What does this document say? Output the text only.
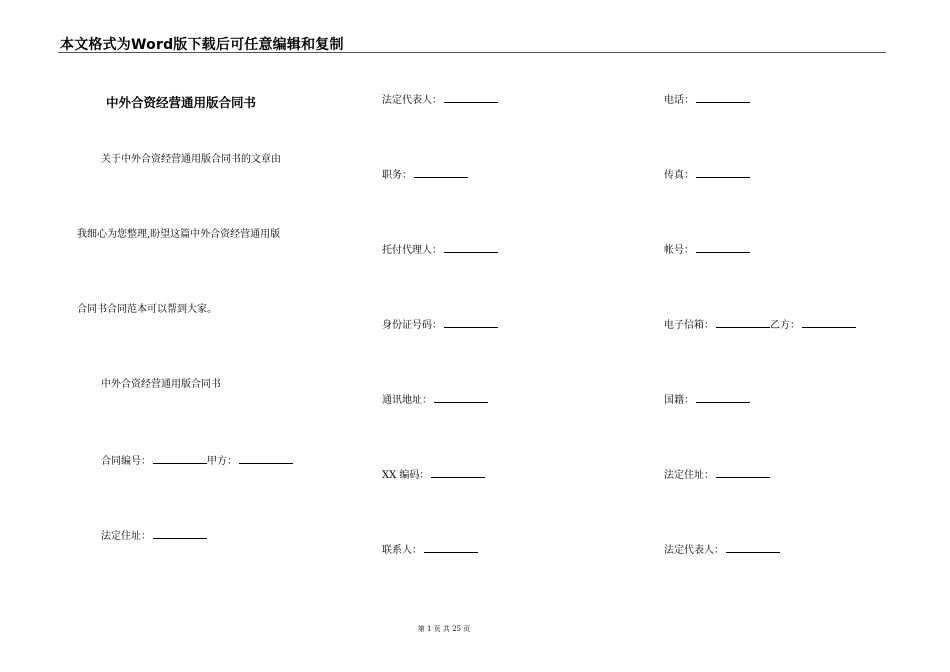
本文格式为Word版下载后可任意编辑和复制
中外合资经营通用版合同书
关于中外合资经营通用版合同书的文章由
我细心为您整理,盼望这篇中外合资经营通用版
合同书合同范本可以帮到大家。
中外合资经营通用版合同书
合同编号：	甲方：
法定住址：
法定代表人：
职务：
托付代理人：
身份证号码：
通讯地址：
XX 编码：
联系人：
电话：
传真：
帐号：
电子信箱：	乙方：
国籍：
法定住址：
法定代表人：
第 1 页 共 25 页
